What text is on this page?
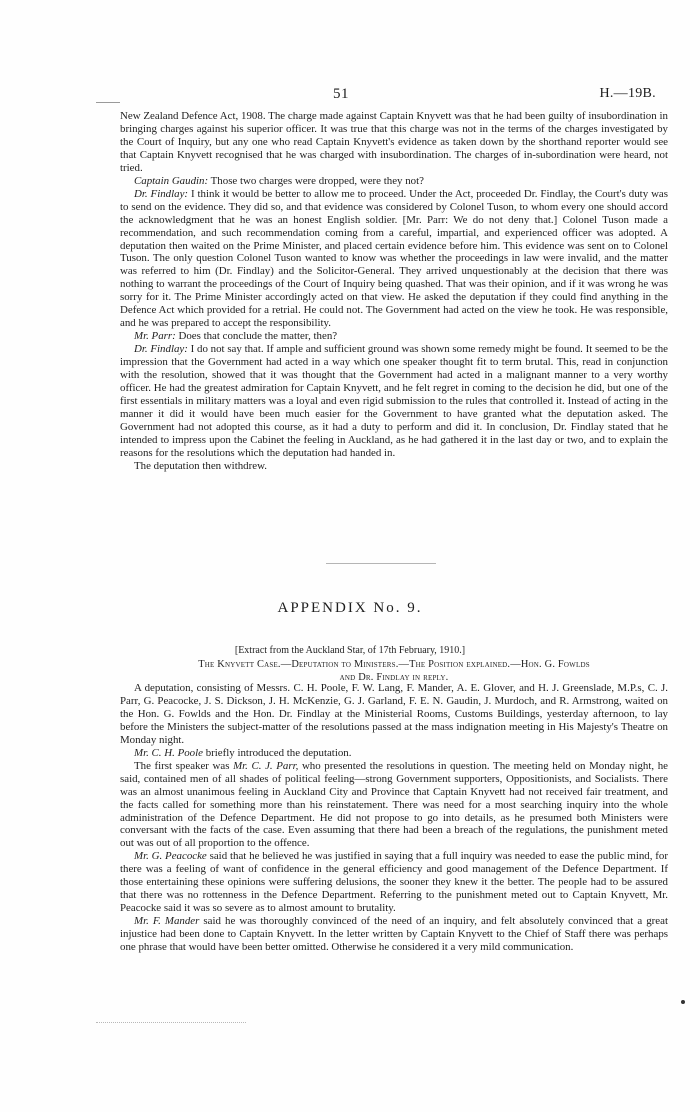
51	H.—19B.

New Zealand Defence Act, 1908. The charge made against Captain Knyvett was that he had been guilty of insubordination in bringing charges against his superior officer. It was true that this charge was not in the terms of the charges investigated by the Court of Inquiry, but any one who read Captain Knyvett's evidence as taken down by the shorthand reporter would see that Captain Knyvett recognised that he was charged with insubordination. The charges of in-subordination were heard, not tried.

Captain Gaudin: Those two charges were dropped, were they not?

Dr. Findlay: I think it would be better to allow me to proceed. Under the Act, proceeded Dr. Findlay, the Court's duty was to send on the evidence. They did so, and that evidence was considered by Colonel Tuson, to whom every one should accord the acknowledgment that he was an honest English soldier. [Mr. Parr: We do not deny that.] Colonel Tuson made a recommendation, and such recommendation coming from a careful, impartial, and experienced officer was adopted. A deputation then waited on the Prime Minister, and placed certain evidence before him. This evidence was sent on to Colonel Tuson. The only question Colonel Tuson wanted to know was whether the proceedings in law were invalid, and the matter was referred to him (Dr. Findlay) and the Solicitor-General. They arrived unquestionably at the decision that there was nothing to warrant the proceedings of the Court of Inquiry being quashed. That was their opinion, and if it was wrong he was sorry for it. The Prime Minister accordingly acted on that view. He asked the deputation if they could find anything in the Defence Act which provided for a retrial. He could not. The Government had acted on the view he took. He was responsible, and he was prepared to accept the responsibility.

Mr. Parr: Does that conclude the matter, then?

Dr. Findlay: I do not say that. If ample and sufficient ground was shown some remedy might be found. It seemed to be the impression that the Government had acted in a way which one speaker thought fit to term brutal. This, read in conjunction with the resolution, showed that it was thought that the Government had acted in a malignant manner to a very worthy officer. He had the greatest admiration for Captain Knyvett, and he felt regret in coming to the decision he did, but one of the first essentials in military matters was a loyal and even rigid submission to the rules that controlled it. Instead of acting in the manner it did it would have been much easier for the Government to have granted what the deputation asked. The Government had not adopted this course, as it had a duty to perform and did it. In conclusion, Dr. Findlay stated that he intended to impress upon the Cabinet the feeling in Auckland, as he had gathered it in the last day or two, and to explain the reasons for the resolutions which the deputation had handed in.

The deputation then withdrew.

APPENDIX No. 9.
[Extract from the Auckland Star, of 17th February, 1910.]
The Knyvett Case.—Deputation to Ministers.—The Position explained.—Hon. G. Fowlds
and Dr. Findlay in reply.

A deputation, consisting of Messrs. C. H. Poole, F. W. Lang, F. Mander, A. E. Glover, and H. J. Greenslade, M.P.s, C. J. Parr, G. Peacocke, J. S. Dickson, J. H. McKenzie, G. J. Garland, F. E. N. Gaudin, J. Murdoch, and R. Armstrong, waited on the Hon. G. Fowlds and the Hon. Dr. Findlay at the Ministerial Rooms, Customs Buildings, yesterday afternoon, to lay before the Ministers the subject-matter of the resolutions passed at the mass indignation meeting in His Majesty's Theatre on Monday night.

Mr. C. H. Poole briefly introduced the deputation.

The first speaker was Mr. C. J. Parr, who presented the resolutions in question. The meeting held on Monday night, he said, contained men of all shades of political feeling—strong Government supporters, Oppositionists, and Socialists. There was an almost unanimous feeling in Auckland City and Province that Captain Knyvett had not received fair treatment, and the facts called for something more than his reinstatement. There was need for a most searching inquiry into the whole administration of the Defence Department. He did not propose to go into details, as he presumed both Ministers were conversant with the facts of the case. Even assuming that there had been a breach of the regulations, the punishment meted out was out of all proportion to the offence.

Mr. G. Peacocke said that he believed he was justified in saying that a full inquiry was needed to ease the public mind, for there was a feeling of want of confidence in the general efficiency and good management of the Defence Department. If those entertaining these opinions were suffering delusions, the sooner they knew it the better. The people had to be assured that there was no rottenness in the Defence Department. Referring to the punishment meted out to Captain Knyvett, Mr. Peacocke said it was so severe as to almost amount to brutality.

Mr. F. Mander said he was thoroughly convinced of the need of an inquiry, and felt absolutely convinced that a great injustice had been done to Captain Knyvett. In the letter written by Captain Knyvett to the Chief of Staff there was perhaps one phrase that would have been better omitted. Otherwise he considered it a very mild communication.
